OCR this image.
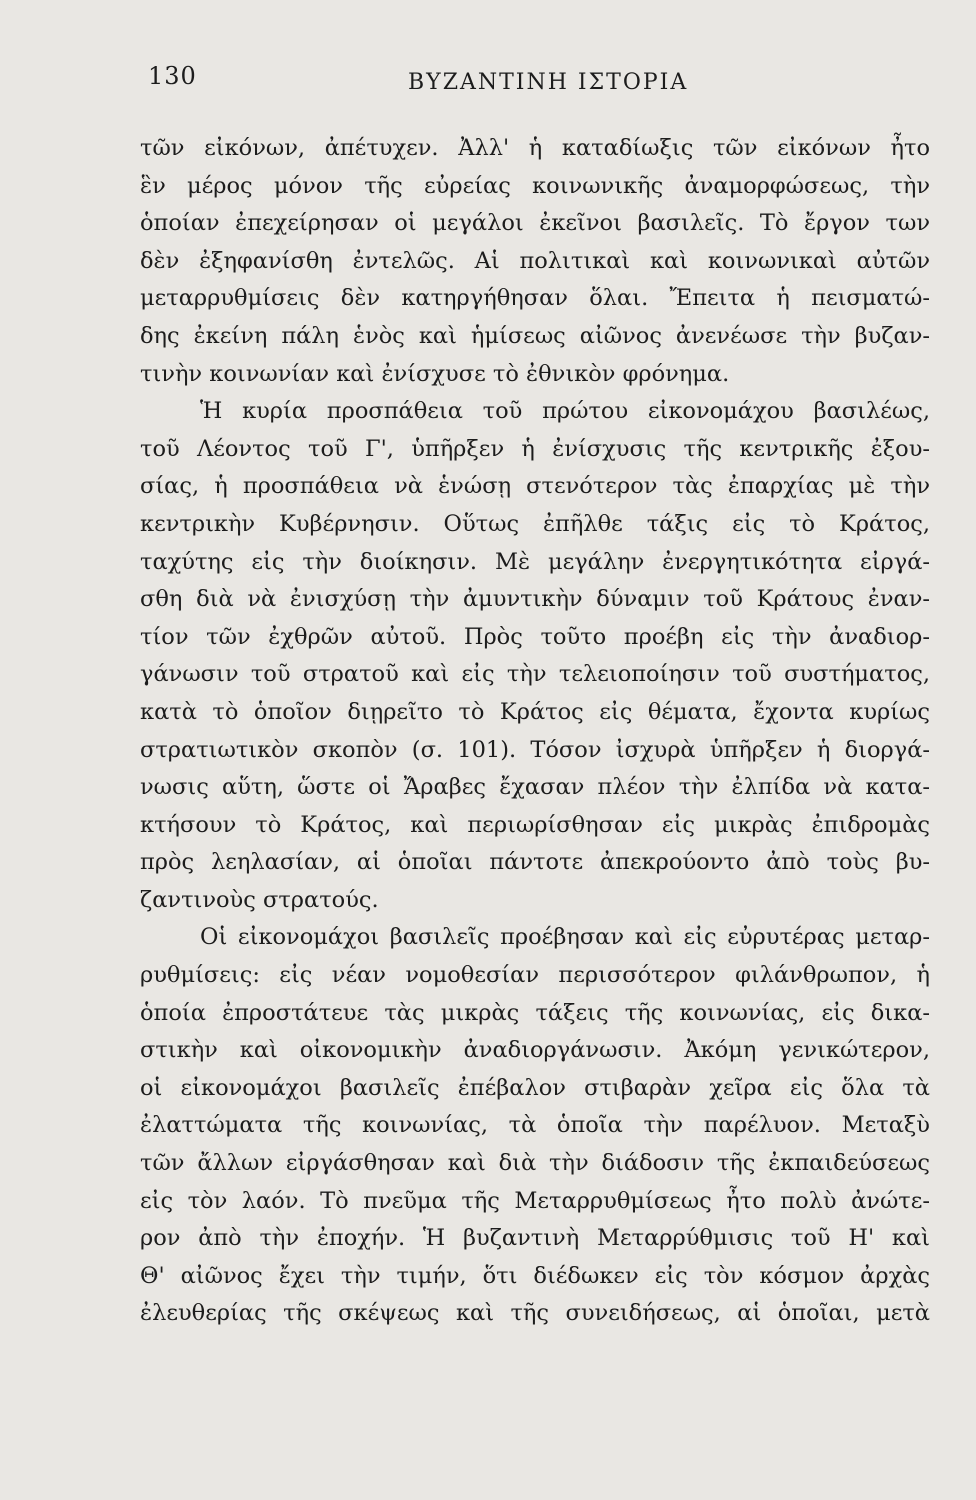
130	ΒΥΖΑΝΤΙΝΗ ΙΣΤΟΡΙΑ
τῶν εἰκόνων, ἀπέτυχεν. Ἀλλ' ἡ καταδίωξις τῶν εἰκόνων ἦτο
ἓν μέρος μόνον τῆς εὐρείας κοινωνικῆς ἀναμορφώσεως, τὴν
ὁποίαν ἐπεχείρησαν οἱ μεγάλοι ἐκεῖνοι βασιλεῖς. Τὸ ἔργον των
δὲν ἐξηφανίσθη ἐντελῶς. Αἱ πολιτικαὶ καὶ κοινωνικαὶ αὐτῶν
μεταρρυθμίσεις δὲν κατηργήθησαν ὅλαι. Ἔπειτα ἡ πεισματώ-
δης ἐκείνη πάλη ἑνὸς καὶ ἡμίσεως αἰῶνος ἀνενέωσε τὴν βυζαν-
τινὴν κοινωνίαν καὶ ἐνίσχυσε τὸ ἐθνικὸν φρόνημα.
Ἡ κυρία προσπάθεια τοῦ πρώτου εἰκονομάχου βασιλέως,
τοῦ Λέοντος τοῦ Γ', ὑπῆρξεν ἡ ἐνίσχυσις τῆς κεντρικῆς ἐξου-
σίας, ἡ προσπάθεια νὰ ἑνώσῃ στενότερον τὰς ἐπαρχίας μὲ τὴν
κεντρικὴν Κυβέρνησιν. Οὕτως ἐπῆλθε τάξις εἰς τὸ Κράτος,
ταχύτης εἰς τὴν διοίκησιν. Μὲ μεγάλην ἐνεργητικότητα εἰργά-
σθη διὰ νὰ ἐνισχύσῃ τὴν ἀμυντικὴν δύναμιν τοῦ Κράτους ἐναν-
τίον τῶν ἐχθρῶν αὐτοῦ. Πρὸς τοῦτο προέβη εἰς τὴν ἀναδιορ-
γάνωσιν τοῦ στρατοῦ καὶ εἰς τὴν τελειοποίησιν τοῦ συστήματος,
κατὰ τὸ ὁποῖον διῃρεῖτο τὸ Κράτος εἰς θέματα, ἔχοντα κυρίως
στρατιωτικὸν σκοπὸν (σ. 101). Τόσον ἰσχυρὰ ὑπῆρξεν ἡ διοργά-
νωσις αὕτη, ὥστε οἱ Ἄραβες ἔχασαν πλέον τὴν ἐλπίδα νὰ κατα-
κτήσουν τὸ Κράτος, καὶ περιωρίσθησαν εἰς μικρὰς ἐπιδρομὰς
πρὸς λεηλασίαν, αἱ ὁποῖαι πάντοτε ἀπεκρούοντο ἀπὸ τοὺς βυ-
ζαντινοὺς στρατούς.
Οἱ εἰκονομάχοι βασιλεῖς προέβησαν καὶ εἰς εὐρυτέρας μεταρ-
ρυθμίσεις: εἰς νέαν νομοθεσίαν περισσότερον φιλάνθρωπον, ἡ
ὁποία ἐπροστάτευε τὰς μικρὰς τάξεις τῆς κοινωνίας, εἰς δικα-
στικὴν καὶ οἰκονομικὴν ἀναδιοργάνωσιν. Ἀκόμη γενικώτερον,
οἱ εἰκονομάχοι βασιλεῖς ἐπέβαλον στιβαρὰν χεῖρα εἰς ὅλα τὰ
ἐλαττώματα τῆς κοινωνίας, τὰ ὁποῖα τὴν παρέλυον. Μεταξὺ
τῶν ἄλλων εἰργάσθησαν καὶ διὰ τὴν διάδοσιν τῆς ἐκπαιδεύσεως
εἰς τὸν λαόν. Τὸ πνεῦμα τῆς Μεταρρυθμίσεως ἦτο πολὺ ἀνώτε-
ρον ἀπὸ τὴν ἐποχήν. Ἡ βυζαντινὴ Μεταρρύθμισις τοῦ Η' καὶ
Θ' αἰῶνος ἔχει τὴν τιμήν, ὅτι διέδωκεν εἰς τὸν κόσμον ἀρχὰς
ἐλευθερίας τῆς σκέψεως καὶ τῆς συνειδήσεως, αἱ ὁποῖαι, μετὰ
